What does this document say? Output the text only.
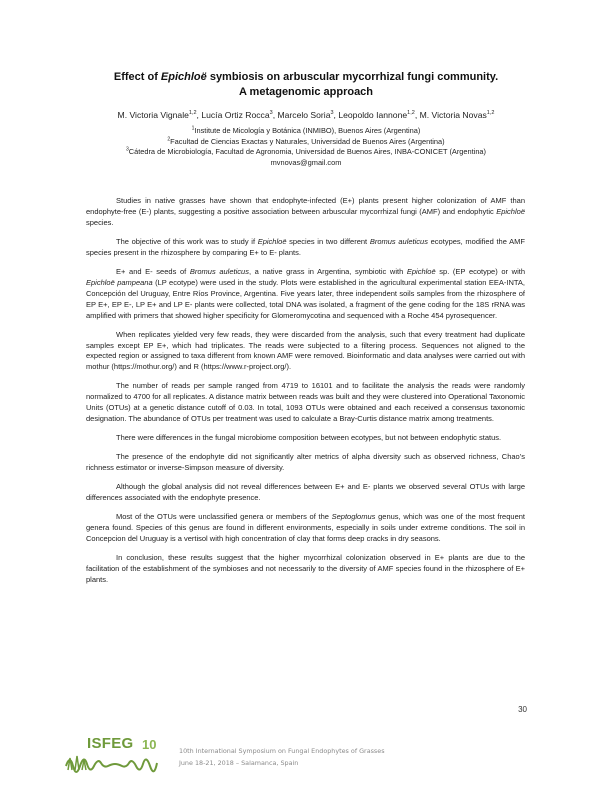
Effect of Epichloë symbiosis on arbuscular mycorrhizal fungi community.
A metagenomic approach
M. Victoria Vignale$^{1,2}$, Lucía Ortiz Rocca$^3$, Marcelo Soria$^3$, Leopoldo Iannone$^{1,2}$, M. Victoria Novas$^{1,2}$
$^1$Institute de Micología y Botánica (INMIBO), Buenos Aires (Argentina)
$^2$Facultad de Ciencias Exactas y Naturales, Universidad de Buenos Aires (Argentina)
$^3$Cátedra de Microbiología, Facultad de Agronomia, Universidad de Buenos Aires, INBA-CONICET (Argentina)
mvnovas@gmail.com

Studies in native grasses have shown that endophyte-infected (E+) plants present higher colonization of AMF than endophyte-free (E-) plants, suggesting a positive association between arbuscular mycorrhizal fungi (AMF) and endophytic Epichloë species.

The objective of this work was to study if Epichloë species in two different Bromus auleticus ecotypes, modified the AMF species present in the rhizosphere by comparing E+ to E- plants.

E+ and E- seeds of Bromus auleticus, a native grass in Argentina, symbiotic with Epichloë sp. (EP ecotype) or with Epichloë pampeana (LP ecotype) were used in the study. Plots were established in the agricultural experimental station EEA-INTA, Concepción del Uruguay, Entre Ríos Province, Argentina. Five years later, three independent soils samples from the rhizosphere of EP E+, EP E-, LP E+ and LP E- plants were collected, total DNA was isolated, a fragment of the gene coding for the 18S rRNA was amplified with primers that showed higher specificity for Glomeromycotina and sequenced with a Roche 454 pyrosequencer.

When replicates yielded very few reads, they were discarded from the analysis, such that every treatment had duplicate samples except EP E+, which had triplicates. The reads were subjected to a filtering process. Sequences not aligned to the expected region or assigned to taxa different from known AMF were removed. Bioinformatic and data analyses were carried out with mothur (https://mothur.org/) and R (https://www.r-project.org/).

The number of reads per sample ranged from 4719 to 16101 and to facilitate the analysis the reads were randomly normalized to 4700 for all replicates. A distance matrix between reads was built and they were clustered into Operational Taxonomic Units (OTUs) at a genetic distance cutoff of 0.03. In total, 1093 OTUs were obtained and each received a consensus taxonomic designation. The abundance of OTUs per treatment was used to calculate a Bray-Curtis distance matrix among treatments.

There were differences in the fungal microbiome composition between ecotypes, but not between endophytic status.

The presence of the endophyte did not significantly alter metrics of alpha diversity such as observed richness, Chao’s richness estimator or inverse-Simpson measure of diversity.

Although the global analysis did not reveal differences between E+ and E- plants we observed several OTUs with large differences associated with the endophyte presence.

Most of the OTUs were unclassified genera or members of the Septoglomus genus, which was one of the most frequent genera found. Species of this genus are found in different environments, especially in soils under extreme conditions. The soil in Concepcion del Uruguay is a vertisol with high concentration of clay that forms deep cracks in dry seasons.

In conclusion, these results suggest that the higher mycorrhizal colonization observed in E+ plants are due to the facilitation of the establishment of the symbioses and not necessarily to the diversity of AMF species found in the rhizosphere of E+ plants.

30
ISFEG 10	10th International Symposium on Fungal Endophytes of Grasses
June 18-21, 2018 – Salamanca, Spain
